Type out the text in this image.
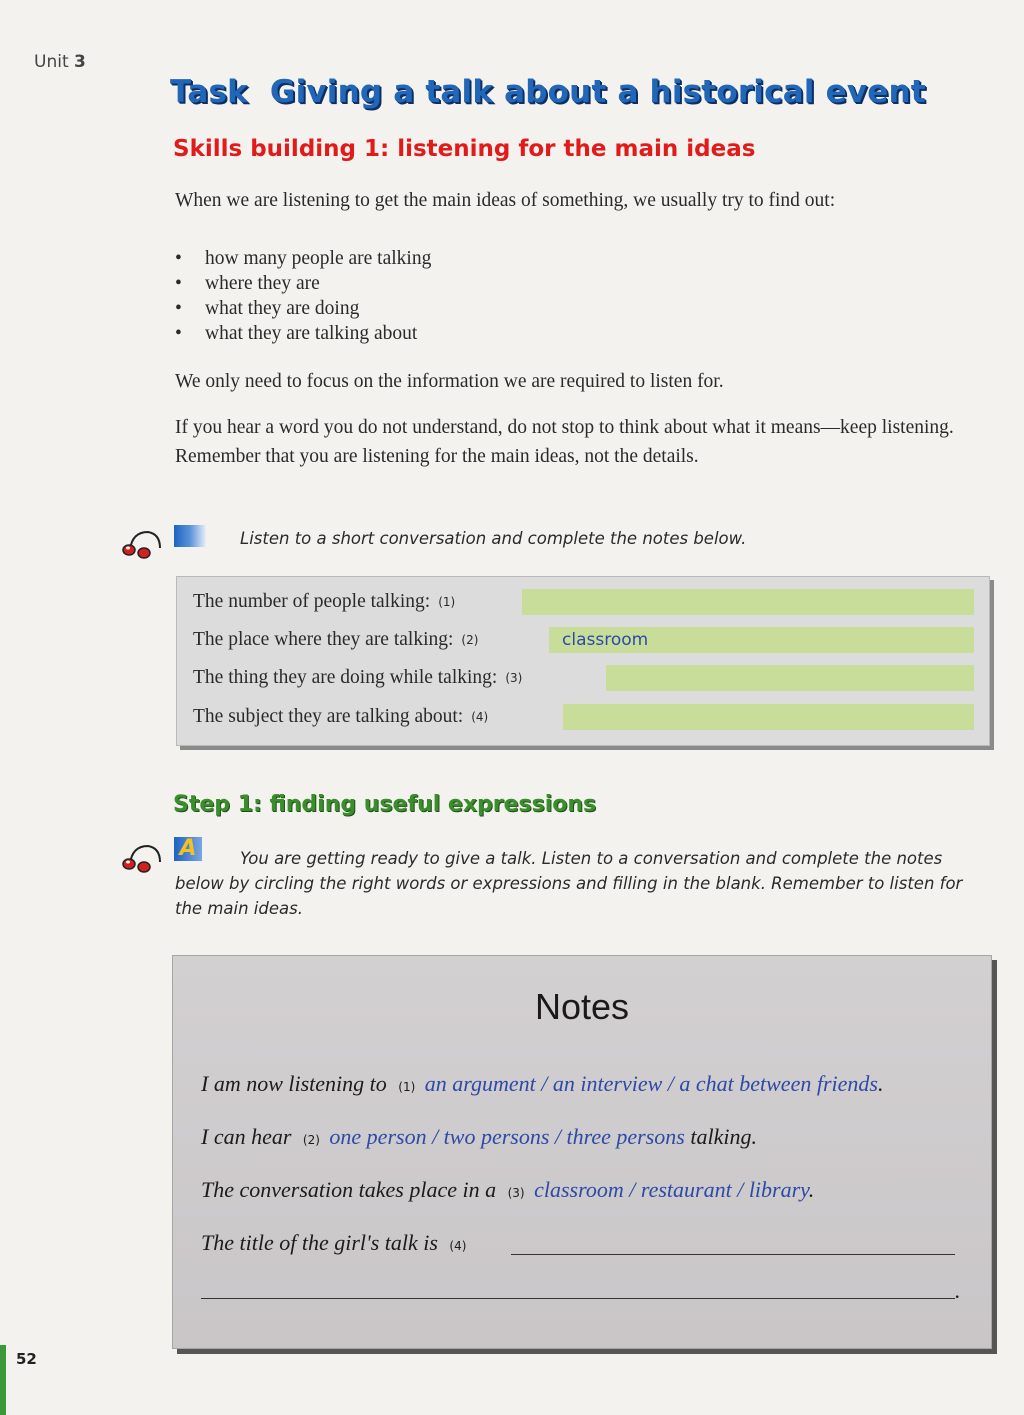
Unit 3
Task  Giving a talk about a historical event
Skills building 1: listening for the main ideas
When we are listening to get the main ideas of something, we usually try to find out:
• how many people are talking
• where they are
• what they are doing
• what they are talking about
We only need to focus on the information we are required to listen for.
If you hear a word you do not understand, do not stop to think about what it means—keep listening. Remember that you are listening for the main ideas, not the details.
Listen to a short conversation and complete the notes below.
The number of people talking: (1)
classroom
The place where they are talking: (2)
The thing they are doing while talking: (3)
The subject they are talking about: (4)
Step 1: finding useful expressions
A	You are getting ready to give a talk. Listen to a conversation and complete the notes below by circling the right words or expressions and filling in the blank. Remember to listen for the main ideas.
Notes
I am now listening to (1) an argument / an interview / a chat between friends.
I can hear (2) one person / two persons / three persons talking.
The conversation takes place in a (3) classroom / restaurant / library.
The title of the girl's talk is (4)
.
52
